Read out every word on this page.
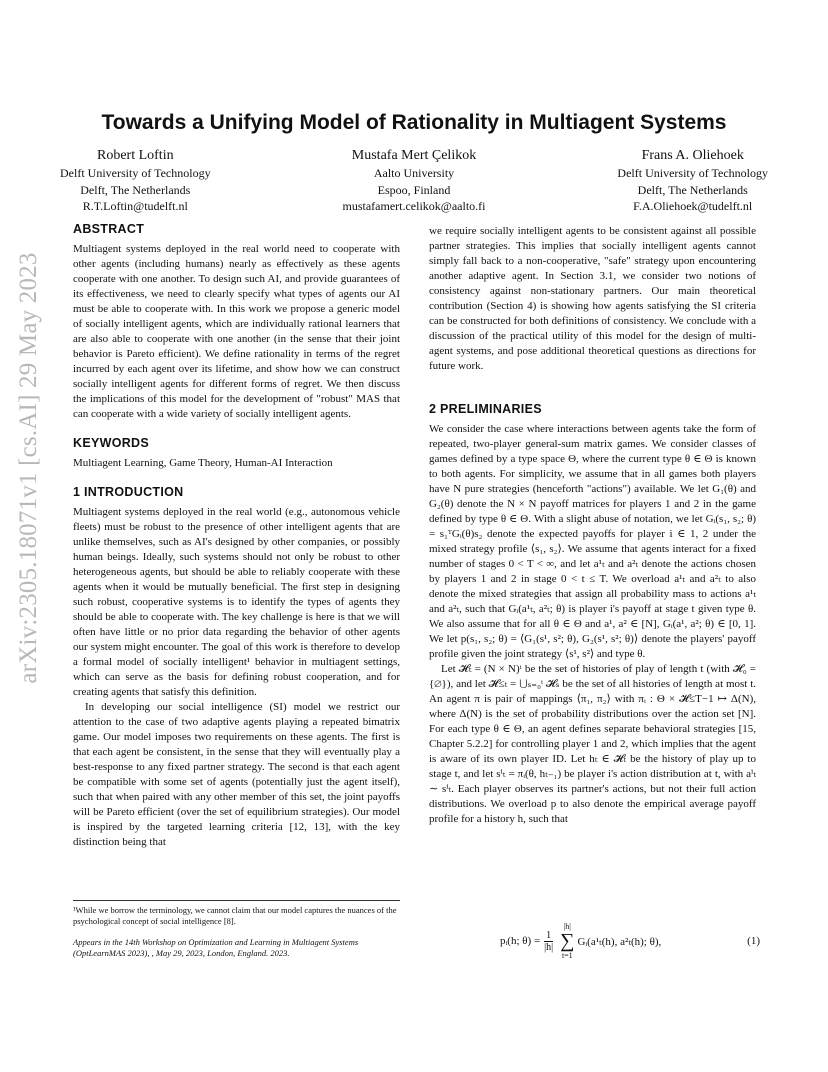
arXiv:2305.18071v1 [cs.AI] 29 May 2023
Towards a Unifying Model of Rationality in Multiagent Systems
Robert Loftin
Delft University of Technology
Delft, The Netherlands
R.T.Loftin@tudelft.nl
Mustafa Mert Çelikok
Aalto University
Espoo, Finland
mustafamert.celikok@aalto.fi
Frans A. Oliehoek
Delft University of Technology
Delft, The Netherlands
F.A.Oliehoek@tudelft.nl
ABSTRACT

Multiagent systems deployed in the real world need to cooperate with other agents (including humans) nearly as effectively as these agents cooperate with one another. To design such AI, and provide guarantees of its effectiveness, we need to clearly specify what types of agents our AI must be able to cooperate with. In this work we propose a generic model of socially intelligent agents, which are individually rational learners that are also able to cooperate with one another (in the sense that their joint behavior is Pareto efficient). We define rationality in terms of the regret incurred by each agent over its lifetime, and show how we can construct socially intelligent agents for different forms of regret. We then discuss the implications of this model for the development of "robust" MAS that can cooperate with a wide variety of socially intelligent agents.

KEYWORDS

Multiagent Learning, Game Theory, Human-AI Interaction

1 INTRODUCTION

Multiagent systems deployed in the real world (e.g., autonomous vehicle fleets) must be robust to the presence of other intelligent agents that are unlike themselves, such as AI's designed by other companies, or possibly human beings. Ideally, such systems should not only be robust to other heterogeneous agents, but should be able to reliably cooperate with these agents when it would be mutually beneficial. The first step in designing such robust, cooperative systems is to identify the types of agents they should be able to cooperate with. The key challenge is here is that we will often have little or no prior data regarding the behavior of other agents our system might encounter. The goal of this work is therefore to develop a formal model of socially intelligent¹ behavior in multiagent settings, which can serve as the basis for defining robust cooperation, and for creating agents that satisfy this definition.

In developing our social intelligence (SI) model we restrict our attention to the case of two adaptive agents playing a repeated bimatrix game. Our model imposes two requirements on these agents. The first is that each agent be consistent, in the sense that they will eventually play a best-response to any fixed partner strategy. The second is that each agent be compatible with some set of agents (potentially just the agent itself), such that when paired with any other member of this set, the joint payoffs will be Pareto efficient (over the set of equilibrium strategies). Our model is inspired by the targeted learning criteria [12, 13], with the key distinction being that

we require socially intelligent agents to be consistent against all possible partner strategies. This implies that socially intelligent agents cannot simply fall back to a non-cooperative, "safe" strategy upon encountering another adaptive agent. In Section 3.1, we consider two notions of consistency against non-stationary partners. Our main theoretical contribution (Section 4) is showing how agents satisfying the SI criteria can be constructed for both definitions of consistency. We conclude with a discussion of the practical utility of this model for the design of multi-agent systems, and pose additional theoretical questions as directions for future work.

2 PRELIMINARIES

We consider the case where interactions between agents take the form of repeated, two-player general-sum matrix games. We consider classes of games defined by a type space Θ, where the current type θ ∈ Θ is known to both agents. For simplicity, we assume that in all games both players have N pure strategies (henceforth "actions") available. We let G₁(θ) and G₂(θ) denote the N × N payoff matrices for players 1 and 2 in the game defined by type θ ∈ Θ. With a slight abuse of notation, we let Gᵢ(s₁, s₂; θ) = s₁ᵀGᵢ(θ)s₂ denote the expected payoffs for player i ∈ 1, 2 under the mixed strategy profile ⟨s₁, s₂⟩. We assume that agents interact for a fixed number of stages 0 < T < ∞, and let a¹ₜ and a²ₜ denote the actions chosen by players 1 and 2 in stage 0 < t ≤ T. We overload a¹ₜ and a²ₜ to also denote the mixed strategies that assign all probability mass to actions a¹ₜ and a²ₜ, such that Gᵢ(a¹ₜ, a²ₜ; θ) is player i's payoff at stage t given type θ. We also assume that for all θ ∈ Θ and a¹, a² ∈ [N], Gᵢ(a¹, a²; θ) ∈ [0, 1]. We let p(s₁, s₂; θ) = ⟨G₁(s¹, s²; θ), G₂(s¹, s²; θ)⟩ denote the players' payoff profile given the joint strategy ⟨s¹, s²⟩ and type θ.

Let 𝓗ₜ = (N × N)ᵗ be the set of histories of play of length t (with 𝓗₀ = {∅}), and let 𝓗≤ₜ = ⋃ₛ₌₀ᵗ 𝓗ₛ be the set of all histories of length at most t. An agent π is pair of mappings ⟨π₁, π₂⟩ with πᵢ : Θ × 𝓗≤T−1 ↦ Δ(N), where Δ(N) is the set of probability distributions over the action set [N]. For each type θ ∈ Θ, an agent defines separate behavioral strategies [15, Chapter 5.2.2] for controlling player 1 and 2, which implies that the agent is aware of its own player ID. Let hₜ ∈ 𝓗ₜ be the history of play up to stage t, and let sⁱₜ = πᵢ(θ, hₜ₋₁) be player i's action distribution at t, with aⁱₜ ∼ sⁱₜ. Each player observes its partner's actions, but not their full action distributions. We overload p to also denote the empirical average payoff profile for a history h, such that

¹While we borrow the terminology, we cannot claim that our model captures the nuances of the psychological concept of social intelligence [8].
Appears in the 14th Workshop on Optimization and Learning in Multiagent Systems (OptLearnMAS 2023), , May 29, 2023, London, England. 2023.
pᵢ(h; $\theta) = \frac{1}{|h|}$
|h|
∑
t=1
Gᵢ(a¹ₜ(h), a²ₜ(h); θ),	(1)
